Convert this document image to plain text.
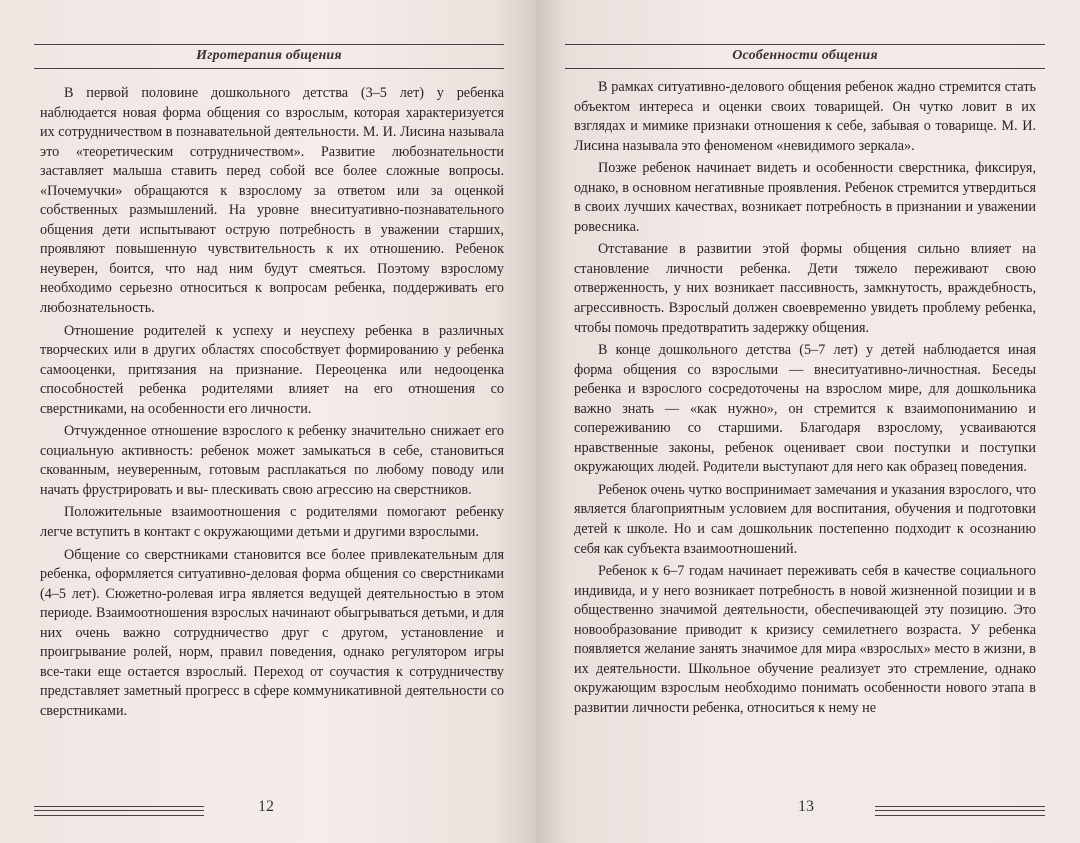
Игротерапия общения

В первой половине дошкольного детства (3–5 лет) у ребенка наблюдается новая форма общения со взрослым, которая характеризуется их сотрудничеством в познавательной деятельности. М. И. Лисина называла это «теоретическим сотрудничеством». Развитие любознательности заставляет малыша ставить перед собой все более сложные вопросы. «Почемучки» обращаются к взрослому за ответом или за оценкой собственных размышлений. На уровне внеситуативно-познавательного общения дети испытывают острую потребность в уважении старших, проявляют повышенную чувствительность к их отношению. Ребенок неуверен, боится, что над ним будут смеяться. Поэтому взрослому необходимо серьезно относиться к вопросам ребенка, поддерживать его любознательность.

Отношение родителей к успеху и неуспеху ребенка в различных творческих или в других областях способствует формированию у ребенка самооценки, притязания на признание. Переоценка или недооценка способностей ребенка родителями влияет на его отношения со сверстниками, на особенности его личности.

Отчужденное отношение взрослого к ребенку значительно снижает его социальную активность: ребенок может замыкаться в себе, становиться скованным, неуверенным, готовым расплакаться по любому поводу или начать фрустрировать и вы- плескивать свою агрессию на сверстников.

Положительные взаимоотношения с родителями помогают ребенку легче вступить в контакт с окружающими детьми и другими взрослыми.

Общение со сверстниками становится все более привлекательным для ребенка, оформляется ситуативно-деловая форма общения со сверстниками (4–5 лет). Сюжетно-ролевая игра является ведущей деятельностью в этом периоде. Взаимоотношения взрослых начинают обыгрываться детьми, и для них очень важно сотрудничество друг с другом, установление и проигрывание ролей, норм, правил поведения, однако регулятором игры все-таки еще остается взрослый. Переход от соучастия к сотрудничеству представляет заметный прогресс в сфере коммуникативной деятельности со сверстниками.

12
Особенности общения

В рамках ситуативно-делового общения ребенок жадно стремится стать объектом интереса и оценки своих товарищей. Он чутко ловит в их взглядах и мимике признаки отношения к себе, забывая о товарище. М. И. Лисина называла это феноменом «невидимого зеркала».

Позже ребенок начинает видеть и особенности сверстника, фиксируя, однако, в основном негативные проявления. Ребенок стремится утвердиться в своих лучших качествах, возникает потребность в признании и уважении ровесника.

Отставание в развитии этой формы общения сильно влияет на становление личности ребенка. Дети тяжело переживают свою отверженность, у них возникает пассивность, замкнутость, враждебность, агрессивность. Взрослый должен своевременно увидеть проблему ребенка, чтобы помочь предотвратить задержку общения.

В конце дошкольного детства (5–7 лет) у детей наблюдается иная форма общения со взрослыми — внеситуативно-личностная. Беседы ребенка и взрослого сосредоточены на взрослом мире, для дошкольника важно знать — «как нужно», он стремится к взаимопониманию и сопереживанию со старшими. Благодаря взрослому, усваиваются нравственные законы, ребенок оценивает свои поступки и поступки окружающих людей. Родители выступают для него как образец поведения.

Ребенок очень чутко воспринимает замечания и указания взрослого, что является благоприятным условием для воспитания, обучения и подготовки детей к школе. Но и сам дошкольник постепенно подходит к осознанию себя как субъекта взаимоотношений.

Ребенок к 6–7 годам начинает переживать себя в качестве социального индивида, и у него возникает потребность в новой жизненной позиции и в общественно значимой деятельности, обеспечивающей эту позицию. Это новообразование приводит к кризису семилетнего возраста. У ребенка появляется желание занять значимое для мира «взрослых» место в жизни, в их деятельности. Школьное обучение реализует это стремление, однако окружающим взрослым необходимо понимать особенности нового этапа в развитии личности ребенка, относиться к нему не

13
